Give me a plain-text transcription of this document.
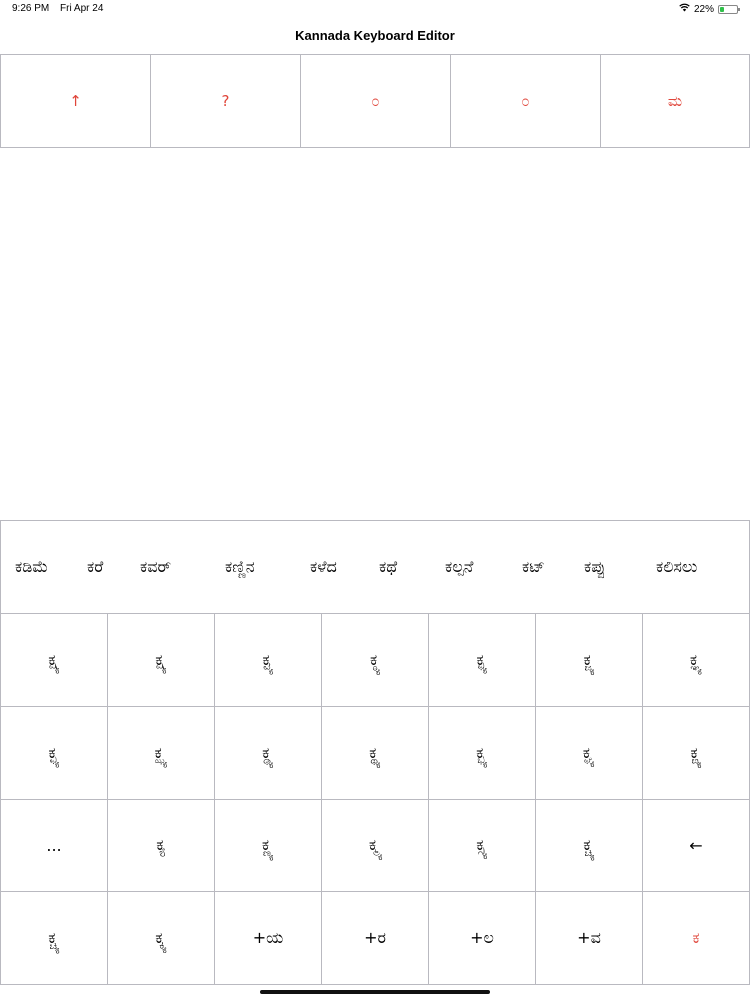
9:26 PM Fri Apr 24	22%
Kannada Keyboard Editor
↑	?	೦	೦	ಮ
ಕಡಿಮೆ ಕರೆ ಕವರ್	ಕಣ್ಣಿನ	ಕಳೆದ	ಕಥೆ	ಕಲ್ಪನೆ	ಕಟ್ ಕಪ್ಪು	ಕಲಿಸಲು
ಕ್ಷ್ಯ	ಕ್ಷ್ಯ	ಕ್ಟ್ಯ	ಕ್ಠ್ಯ	ಕ್ಫ್ಯ	ಕ್ಜ್ಯ	ಕ್ಞ್ಯ
ಕ್ಛ್ಯ	ಕ್ಝ್ಯ	ಕ್ಢ್ಯ	ಕ್ಥ್ಯ	ಕ್ಭ್ಯ	ಕ್ಘ್ಯ	ಕ್ಙ್ಯ
...	ಕ್ಯ	ಕ್ಣ್ಯ	ಕ್ಮ್ಯ	ಕ್ಸ್ಯ	ಕ್ಚ್ಯ	←
ಕ್ಚ್ಯ	ಕ್ಕ್ಯ	+ಯ	+ರ	+ಲ	+ವ	ಕ
